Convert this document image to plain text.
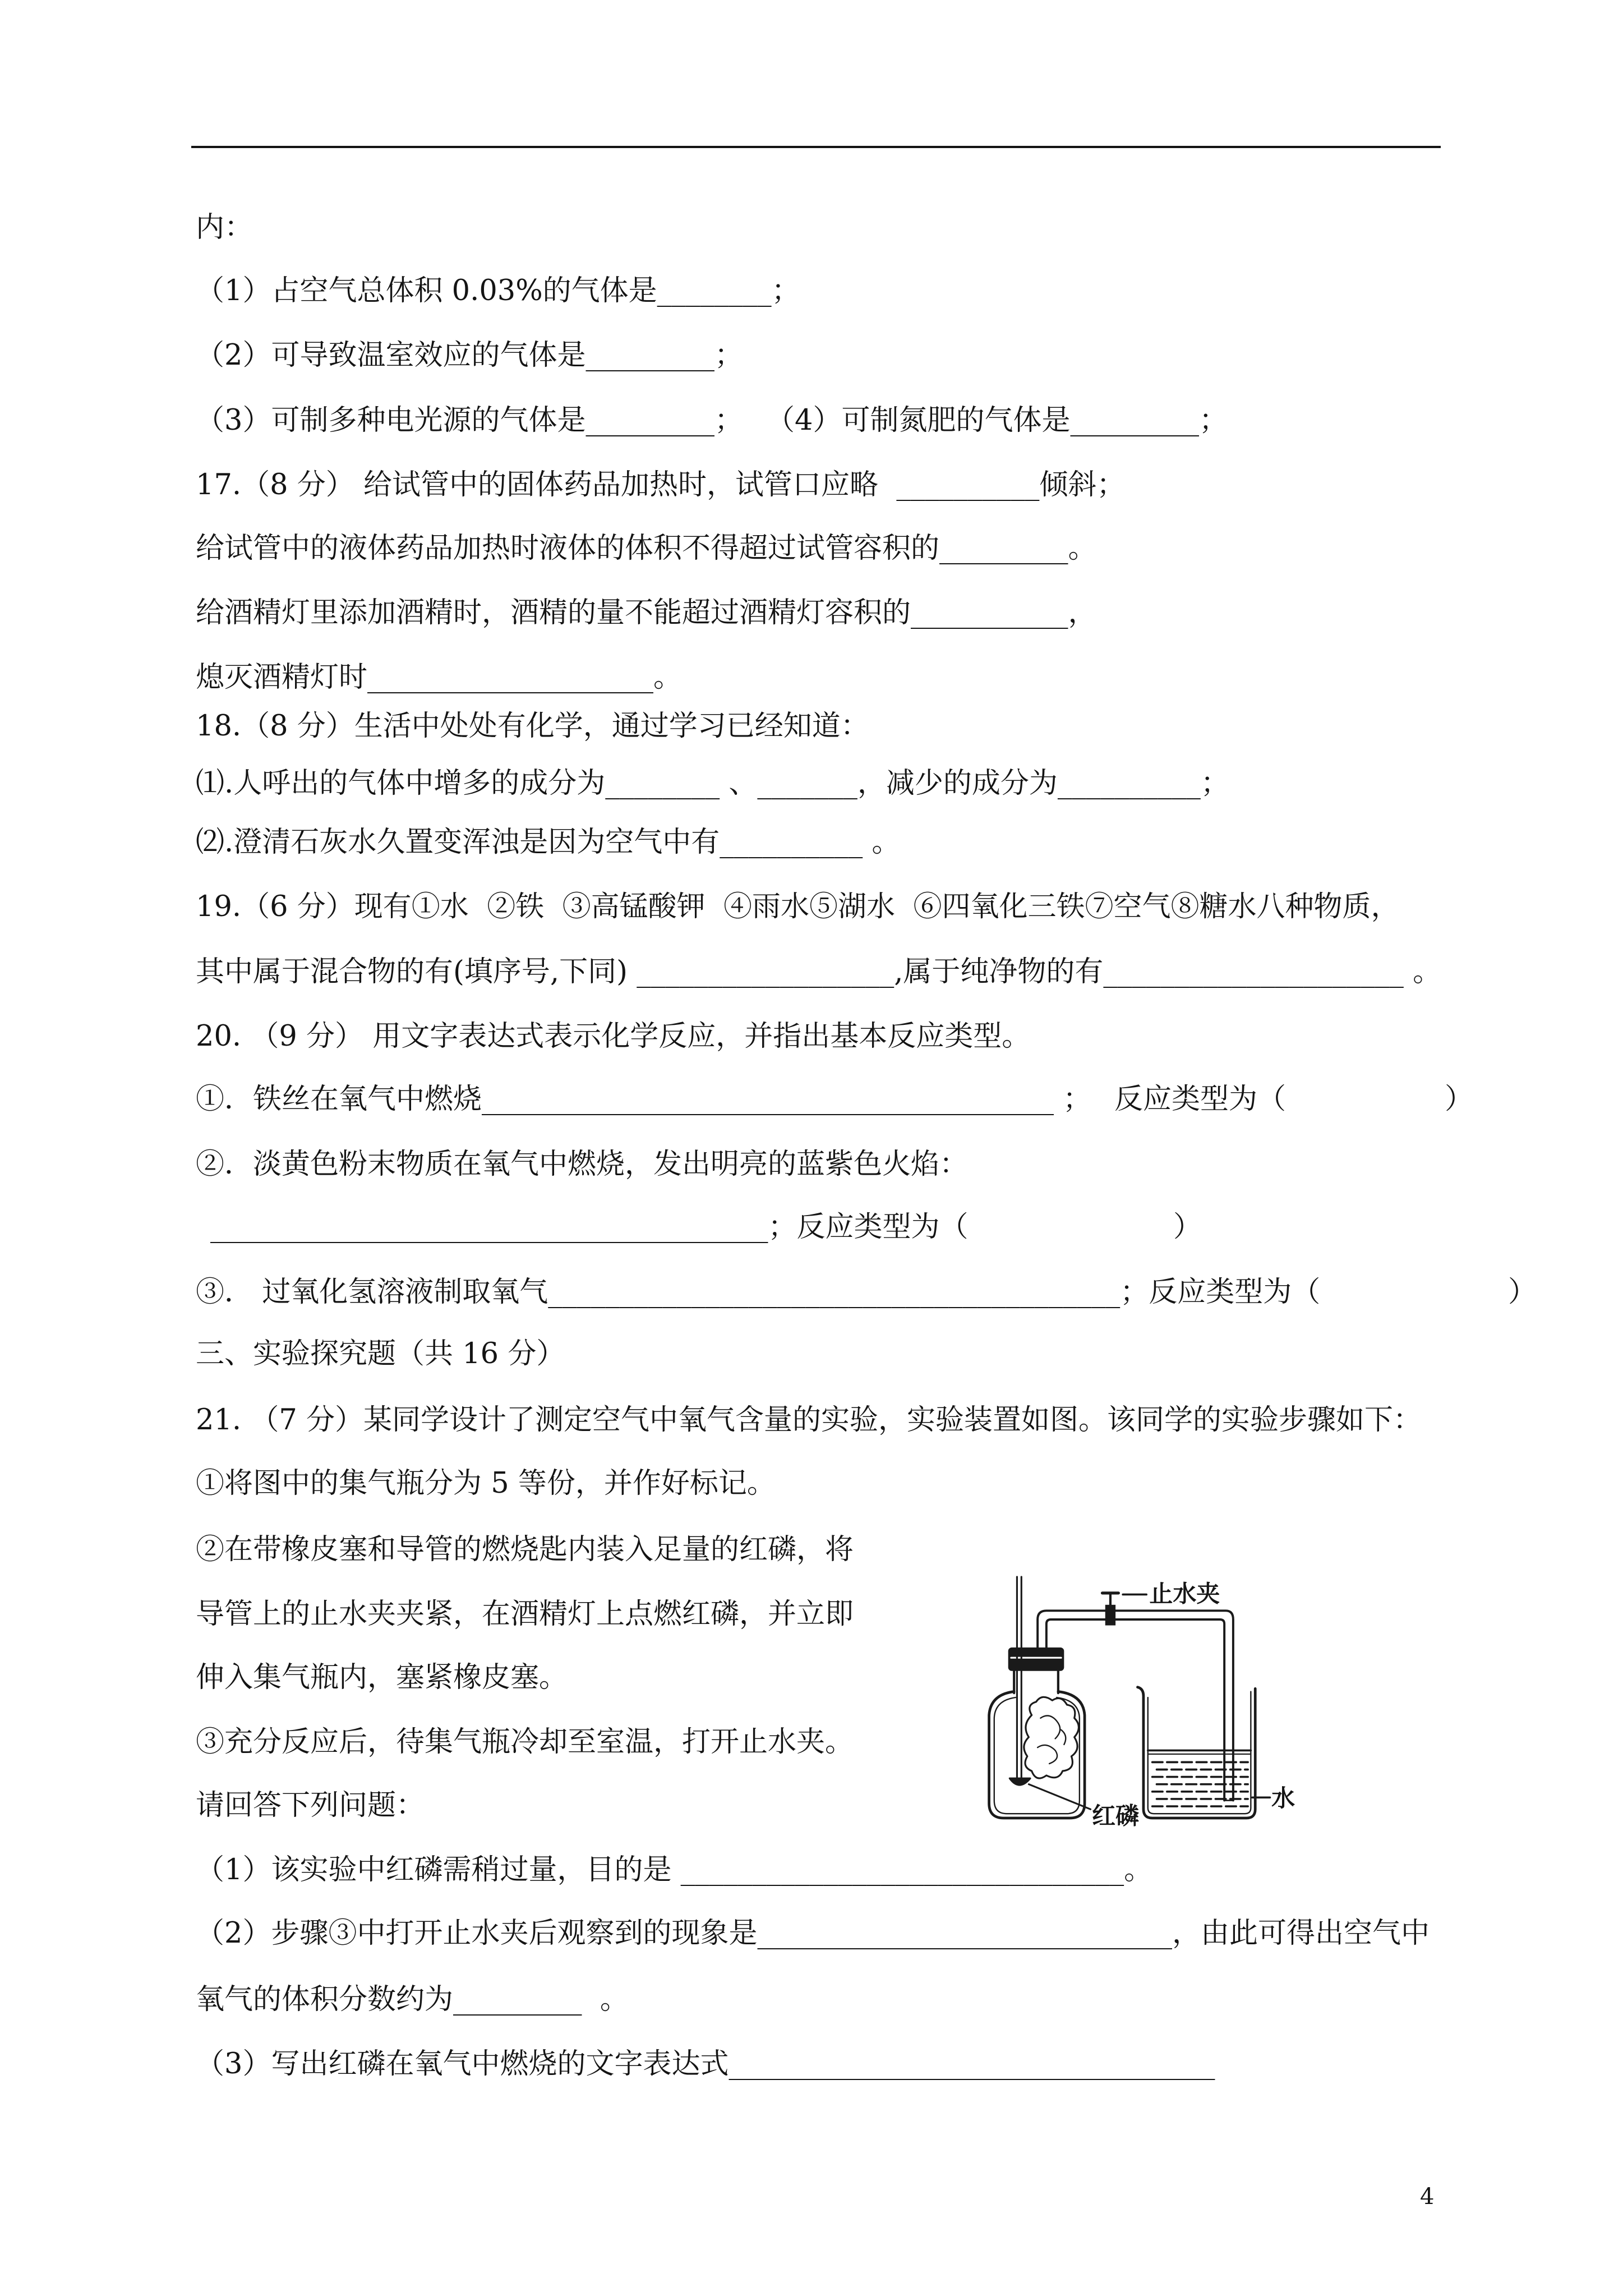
内：
（1）占空气总体积 0.03%的气体是________；
（2）可导致温室效应的气体是_________；
（3）可制多种电光源的气体是_________； （4）可制氮肥的气体是_________；
17.（8 分） 给试管中的固体药品加热时，试管口应略  __________倾斜；
给试管中的液体药品加热时液体的体积不得超过试管容积的_________。
给酒精灯里添加酒精时，酒精的量不能超过酒精灯容积的___________，
熄灭酒精灯时____________________。
18.（8 分）生活中处处有化学，通过学习已经知道：
⑴.人呼出的气体中增多的成分为________ 、_______，减少的成分为__________；
⑵.澄清石灰水久置变浑浊是因为空气中有__________ 。
19.（6 分）现有①水  ②铁  ③高锰酸钾  ④雨水⑤湖水  ⑥四氧化三铁⑦空气⑧糖水八种物质，
其中属于混合物的有(填序号,下同) __________________,属于纯净物的有_____________________ 。
20. （9 分） 用文字表达式表示化学反应，并指出基本反应类型。
①．铁丝在氧气中燃烧________________________________________ ； 反应类型为（	）
②．淡黄色粉末物质在氧气中燃烧，发出明亮的蓝紫色火焰：
_______________________________________；反应类型为（	）
③． 过氧化氢溶液制取氧气________________________________________；反应类型为（	）
三、实验探究题（共 16 分）
21. （7 分）某同学设计了测定空气中氧气含量的实验，实验装置如图。该同学的实验步骤如下：
①将图中的集气瓶分为 5 等份，并作好标记。
②在带橡皮塞和导管的燃烧匙内装入足量的红磷，将
导管上的止水夹夹紧，在酒精灯上点燃红磷，并立即
伸入集气瓶内，塞紧橡皮塞。
③充分反应后，待集气瓶冷却至室温，打开止水夹。
请回答下列问题：
（1）该实验中红磷需稍过量，目的是 _______________________________。
（2）步骤③中打开止水夹后观察到的现象是_____________________________，由此可得出空气中
氧气的体积分数约为_________  。
（3）写出红磷在氧气中燃烧的文字表达式__________________________________
止水夹
红磷
水
4
